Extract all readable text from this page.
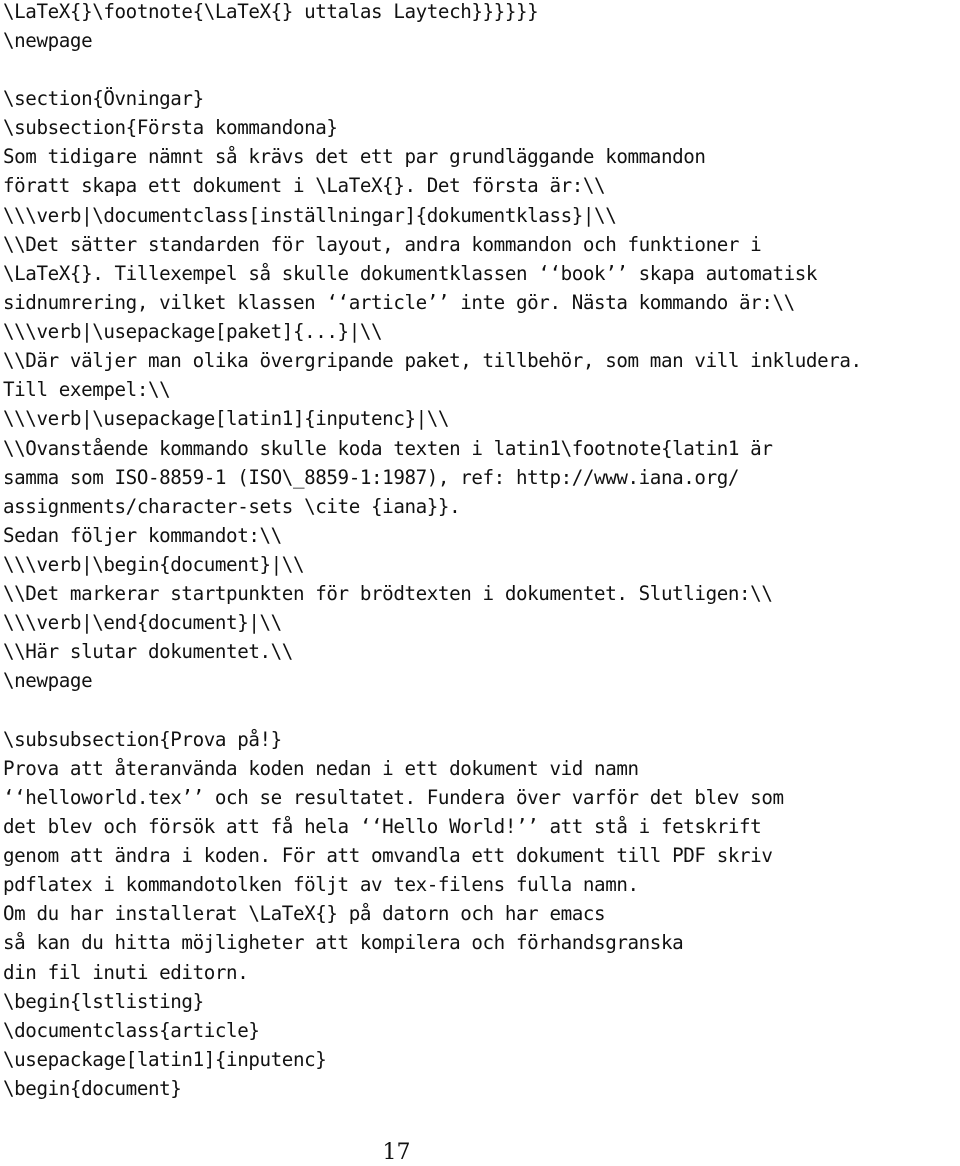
\LaTeX{}\footnote{\LaTeX{} uttalas Laytech}}}}}}
\newpage
\section{Övningar}
\subsection{Första kommandona}
Som tidigare nämnt så krävs det ett par grundläggande kommandon
föratt skapa ett dokument i \LaTeX{}. Det första är:\\
\\\verb|\documentclass[inställningar]{dokumentklass}|\\
\\Det sätter standarden för layout, andra kommandon och funktioner i
\LaTeX{}. Tillexempel så skulle dokumentklassen ‘‘book’’ skapa automatisk
sidnumrering, vilket klassen ‘‘article’’ inte gör. Nästa kommando är:\\
\\\verb|\usepackage[paket]{...}|\\
\\Där väljer man olika övergripande paket, tillbehör, som man vill inkludera.
Till exempel:\\
\\\verb|\usepackage[latin1]{inputenc}|\\
\\Ovanstående kommando skulle koda texten i latin1\footnote{latin1 är
samma som ISO-8859-1 (ISO\_8859-1:1987), ref: http://www.iana.org/
assignments/character-sets \cite {iana}}.
Sedan följer kommandot:\\
\\\verb|\begin{document}|\\
\\Det markerar startpunkten för brödtexten i dokumentet. Slutligen:\\
\\\verb|\end{document}|\\
\\Här slutar dokumentet.\\
\newpage
\subsubsection{Prova på!}
Prova att återanvända koden nedan i ett dokument vid namn
‘‘helloworld.tex’’ och se resultatet. Fundera över varför det blev som
det blev och försök att få hela ‘‘Hello World!’’ att stå i fetskrift
genom att ändra i koden. För att omvandla ett dokument till PDF skriv
pdflatex i kommandotolken följt av tex-filens fulla namn.
Om du har installerat \LaTeX{} på datorn och har emacs
så kan du hitta möjligheter att kompilera och förhandsgranska
din fil inuti editorn.
\begin{lstlisting}
\documentclass{article}
\usepackage[latin1]{inputenc}
\begin{document}
17
